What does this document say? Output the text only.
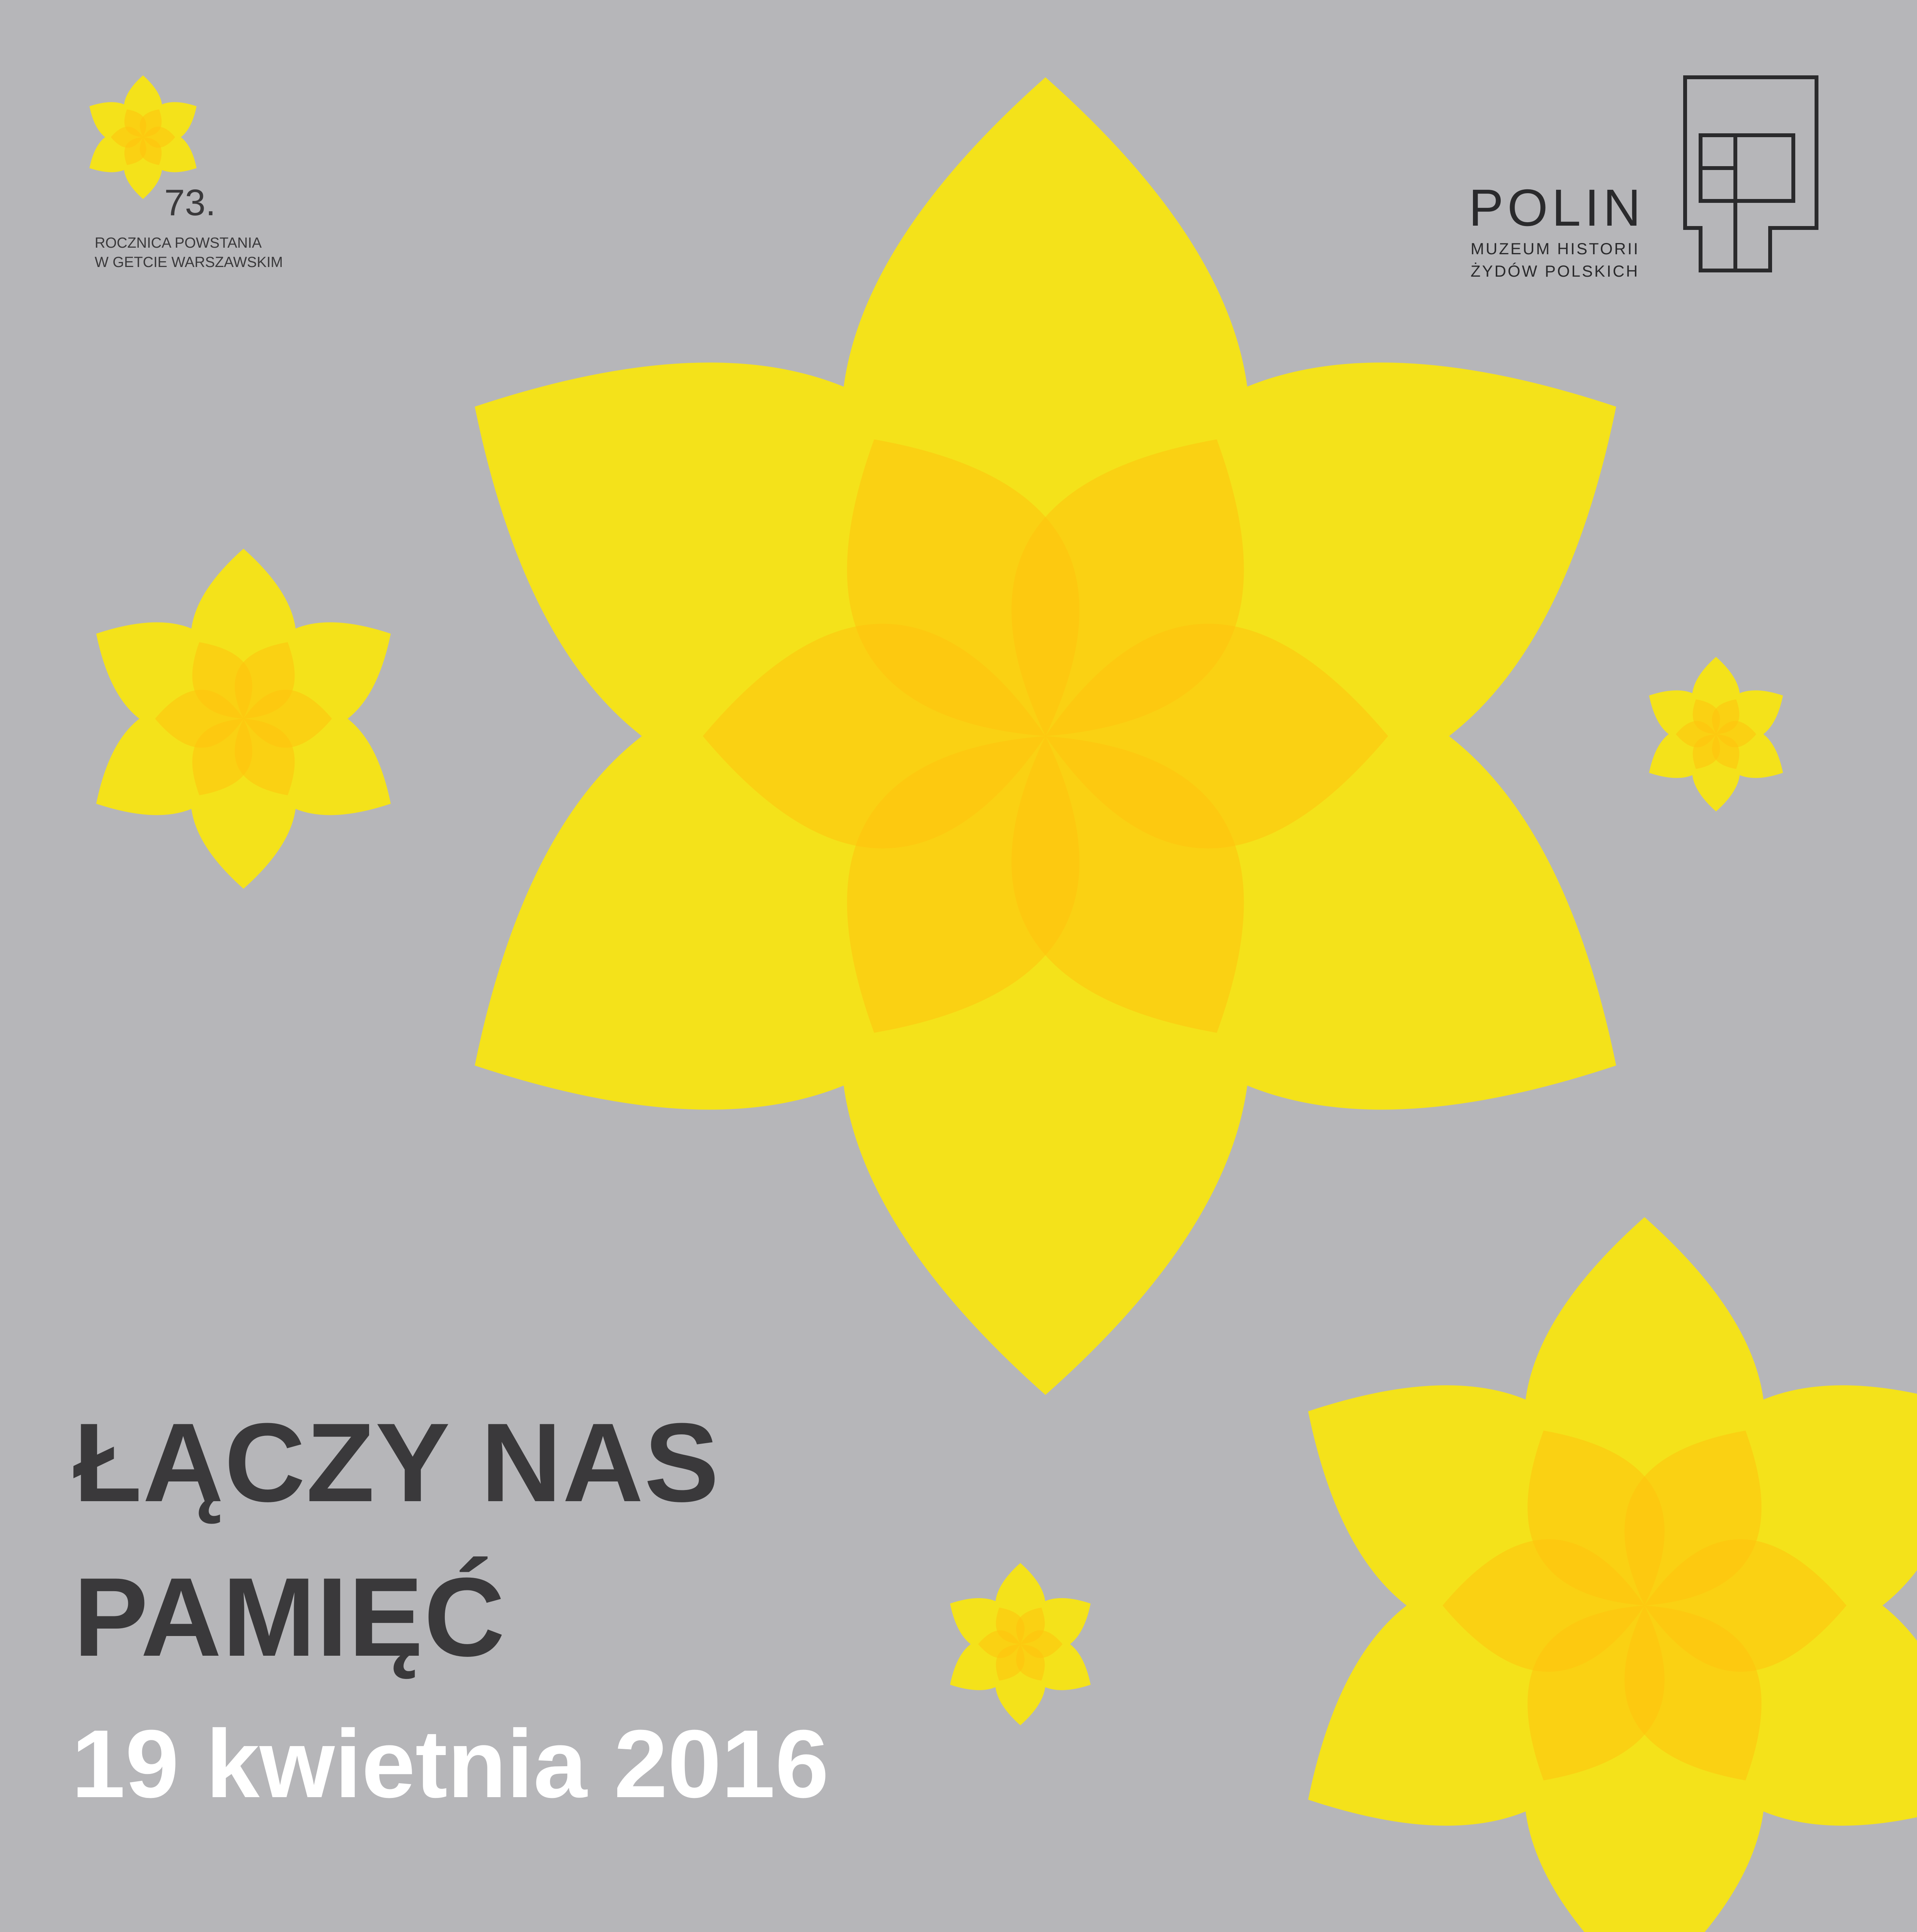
73.
ROCZNICA POWSTANIA
W GETCIE WARSZAWSKIM
POLIN
MUZEUM HISTORII
ŻYDÓW POLSKICH
ŁĄCZY NAS
PAMIĘĆ
19 kwietnia 2016
